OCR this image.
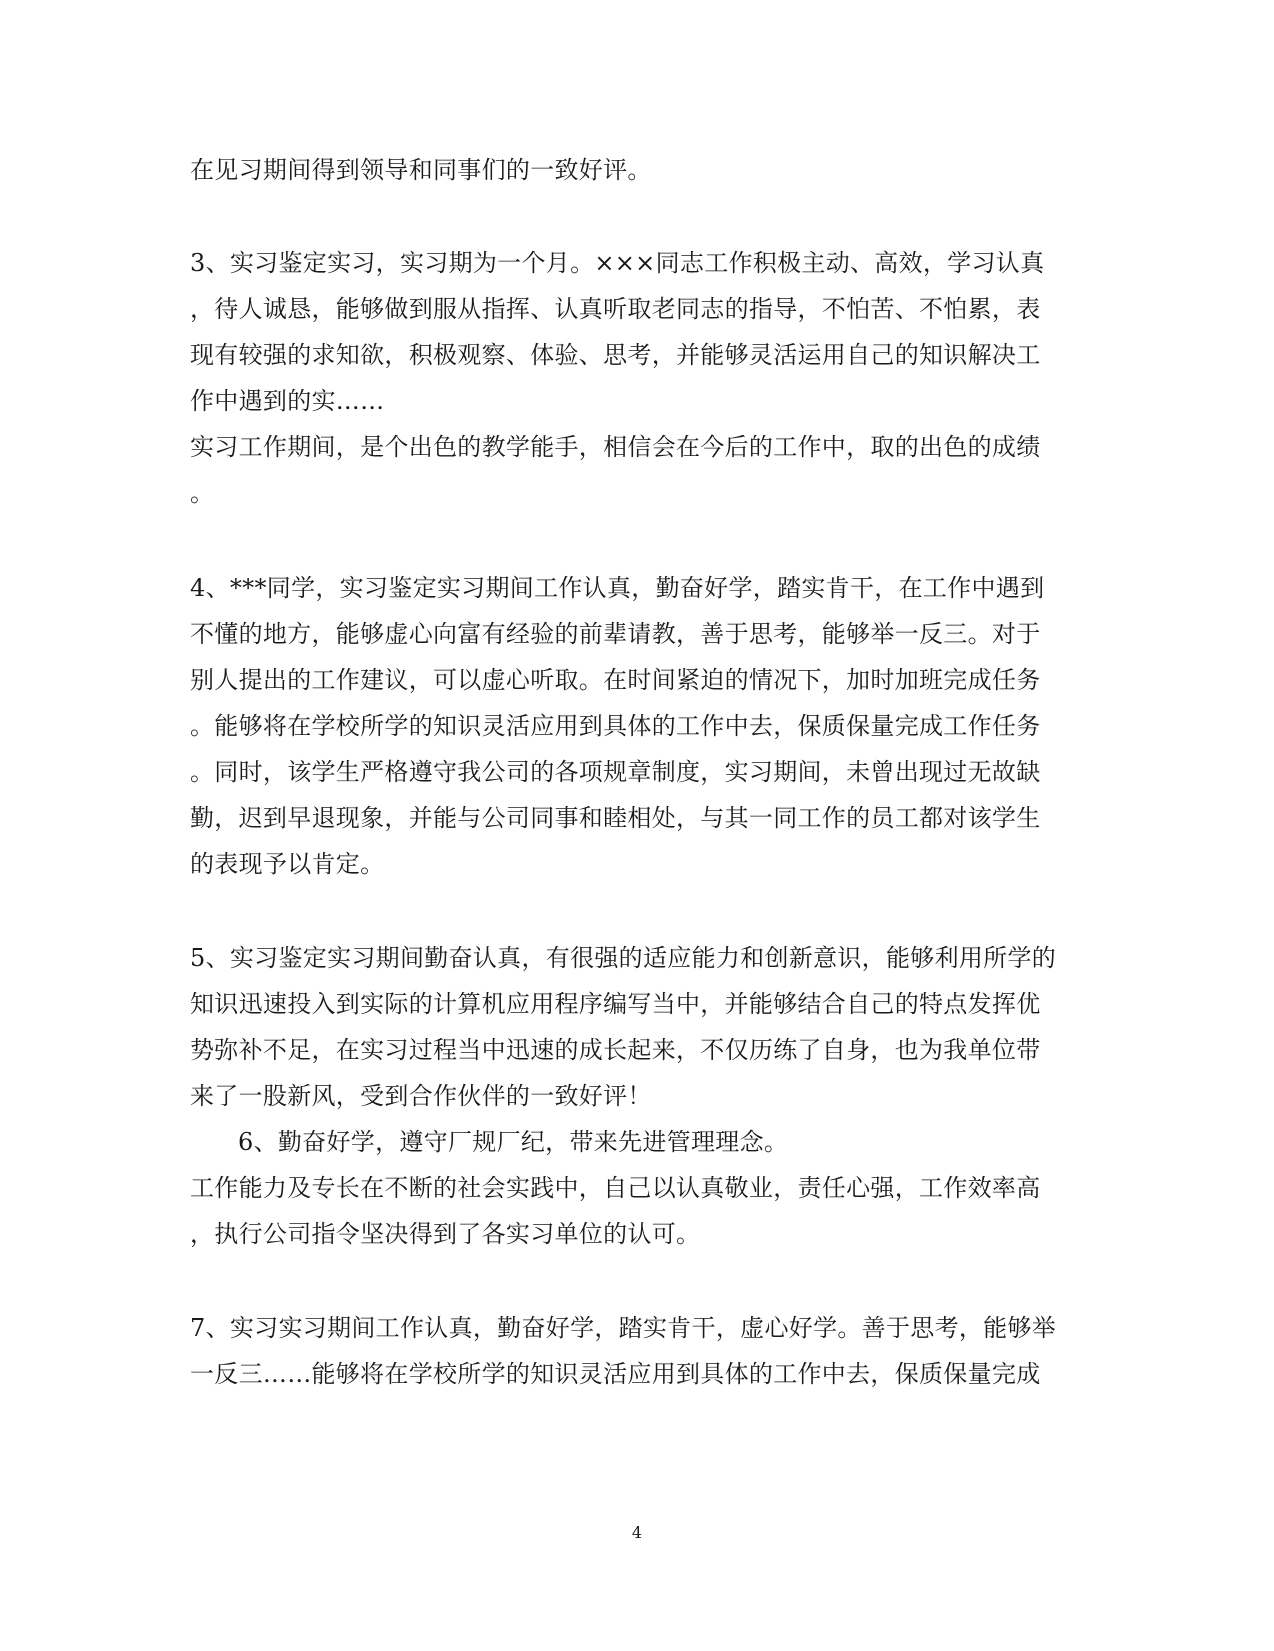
在见习期间得到领导和同事们的一致好评。
3、实习鉴定实习，实习期为一个月。×××同志工作积极主动、高效，学习认真
，待人诚恳，能够做到服从指挥、认真听取老同志的指导，不怕苦、不怕累，表
现有较强的求知欲，积极观察、体验、思考，并能够灵活运用自己的知识解决工
作中遇到的实……
实习工作期间，是个出色的教学能手，相信会在今后的工作中，取的出色的成绩
。
4、***同学，实习鉴定实习期间工作认真，勤奋好学，踏实肯干，在工作中遇到
不懂的地方，能够虚心向富有经验的前辈请教，善于思考，能够举一反三。对于
别人提出的工作建议，可以虚心听取。在时间紧迫的情况下，加时加班完成任务
。能够将在学校所学的知识灵活应用到具体的工作中去，保质保量完成工作任务
。同时，该学生严格遵守我公司的各项规章制度，实习期间，未曾出现过无故缺
勤，迟到早退现象，并能与公司同事和睦相处，与其一同工作的员工都对该学生
的表现予以肯定。
5、实习鉴定实习期间勤奋认真，有很强的适应能力和创新意识，能够利用所学的
知识迅速投入到实际的计算机应用程序编写当中，并能够结合自己的特点发挥优
势弥补不足，在实习过程当中迅速的成长起来，不仅历练了自身，也为我单位带
来了一股新风，受到合作伙伴的一致好评！
6、勤奋好学，遵守厂规厂纪，带来先进管理理念。
工作能力及专长在不断的社会实践中，自己以认真敬业，责任心强，工作效率高
，执行公司指令坚决得到了各实习单位的认可。
7、实习实习期间工作认真，勤奋好学，踏实肯干，虚心好学。善于思考，能够举
一反三……能够将在学校所学的知识灵活应用到具体的工作中去，保质保量完成
4
